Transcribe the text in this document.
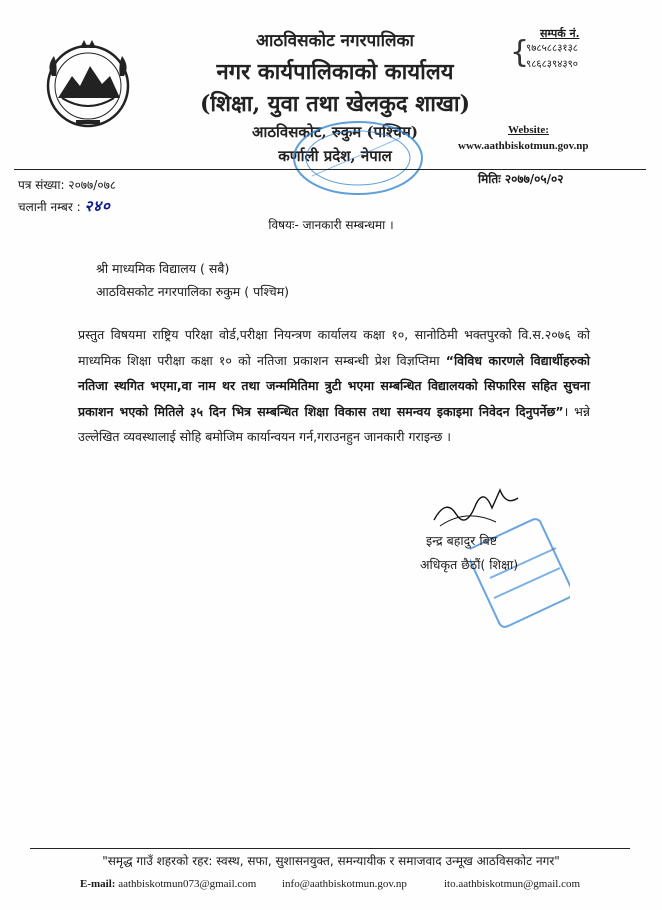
आठविसकोट नगरपालिका
नगर कार्यपालिकाको कार्यालय
(शिक्षा, युवा तथा खेलकुद शाखा)
आठविसकोट, रुकुम (पश्चिम)
कर्णाली प्रदेश, नेपाल
सम्पर्क नं.
{
९७८५८८३१३८
९८६८३९४३९०
Website:
www.aathbiskotmun.gov.np
पत्र संख्या: २०७७/०७८
चलानी नम्बर : २४०
मितिः २०७७/०५/०२
विषयः- जानकारी सम्बन्धमा ।
श्री माध्यमिक विद्यालय ( सबै)
आठविसकोट नगरपालिका रुकुम ( पश्चिम)
प्रस्तुत विषयमा राष्ट्रिय परिक्षा वोर्ड,परीक्षा नियन्त्रण कार्यालय कक्षा १०, सानोठिमी भक्तपुरको वि.स.२०७६ को माध्यमिक शिक्षा परीक्षा कक्षा १० को नतिजा प्रकाशन सम्बन्धी प्रेश विज्ञप्तिमा “विविध कारणले विद्यार्थीहरुको नतिजा स्थगित भएमा,वा नाम थर तथा जन्ममितिमा त्रुटी भएमा सम्बन्धित विद्यालयको सिफारिस सहित सुचना प्रकाशन भएको मितिले ३५ दिन भित्र सम्बन्धित शिक्षा विकास तथा समन्वय इकाइमा निवेदन दिनुपर्नेछ”। भन्ने उल्लेखित व्यवस्थालाई सोहि बमोजिम कार्यान्वयन गर्न,गराउनहुन जानकारी गराइन्छ ।
इन्द्र बहादुर बिष्ट
अधिकृत छैठौं( शिक्षा)
"समृद्ध गाउँ शहरको रहर: स्वस्थ, सफा, सुशासनयुक्त, समन्यायीक र समाजवाद उन्मूख आठविसकोट नगर"
E-mail: aathbiskotmun073@gmail.com info@aathbiskotmun.gov.np	ito.aathbiskotmun@gmail.com
